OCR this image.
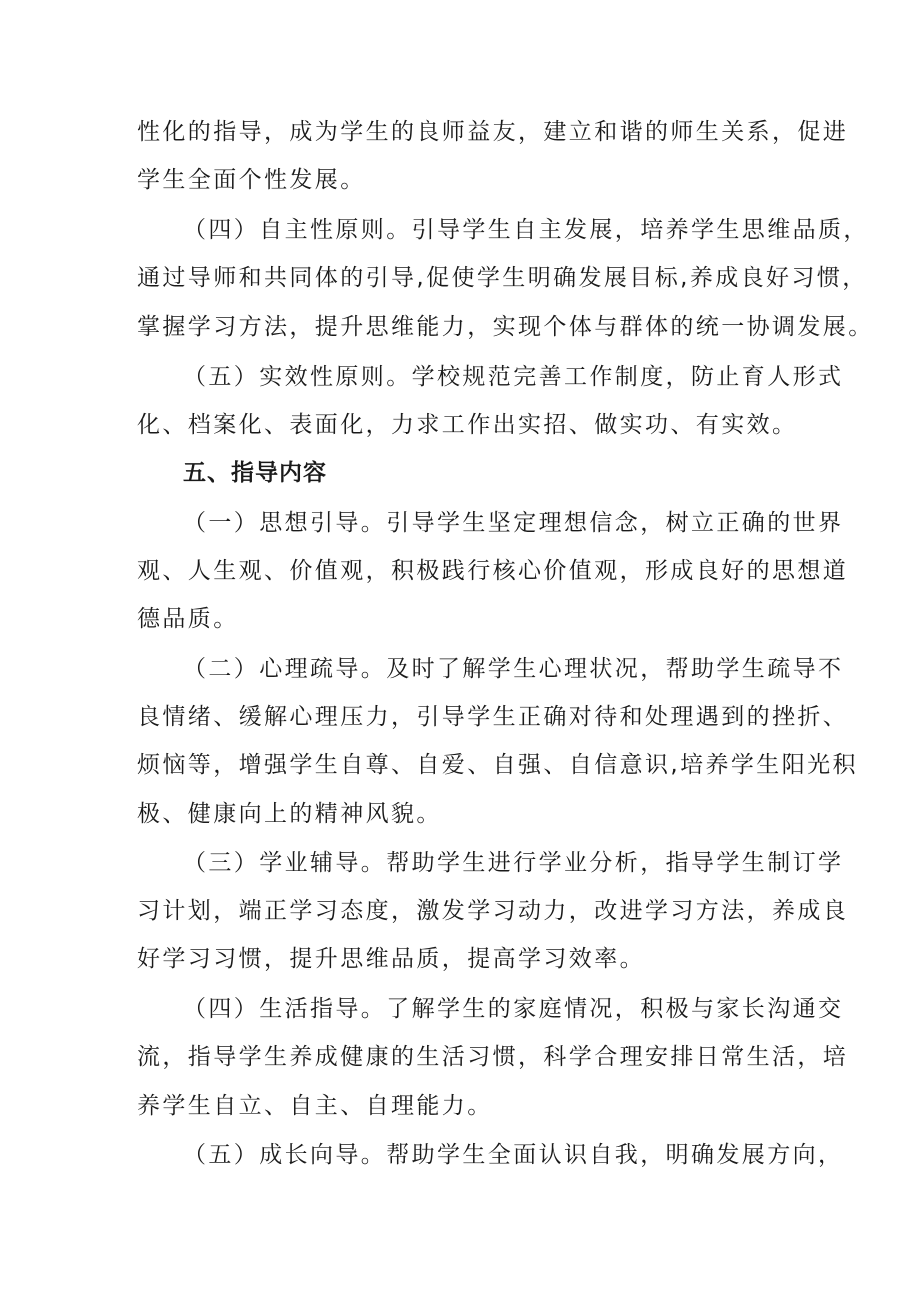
性化的指导，成为学生的良师益友，建立和谐的师生关系，促进
学生全面个性发展。
（四）自主性原则。引导学生自主发展，培养学生思维品质，
通过导师和共同体的引导,促使学生明确发展目标,养成良好习惯，
掌握学习方法，提升思维能力，实现个体与群体的统一协调发展。
（五）实效性原则。学校规范完善工作制度，防止育人形式
化、档案化、表面化，力求工作出实招、做实功、有实效。
五、指导内容
（一）思想引导。引导学生坚定理想信念，树立正确的世界
观、人生观、价值观，积极践行核心价值观，形成良好的思想道
德品质。
（二）心理疏导。及时了解学生心理状况，帮助学生疏导不
良情绪、缓解心理压力，引导学生正确对待和处理遇到的挫折、
烦恼等，增强学生自尊、自爱、自强、自信意识,培养学生阳光积
极、健康向上的精神风貌。
（三）学业辅导。帮助学生进行学业分析，指导学生制订学
习计划，端正学习态度，激发学习动力，改进学习方法，养成良
好学习习惯，提升思维品质，提高学习效率。
（四）生活指导。了解学生的家庭情况，积极与家长沟通交
流，指导学生养成健康的生活习惯，科学合理安排日常生活，培
养学生自立、自主、自理能力。
（五）成长向导。帮助学生全面认识自我，明确发展方向，
